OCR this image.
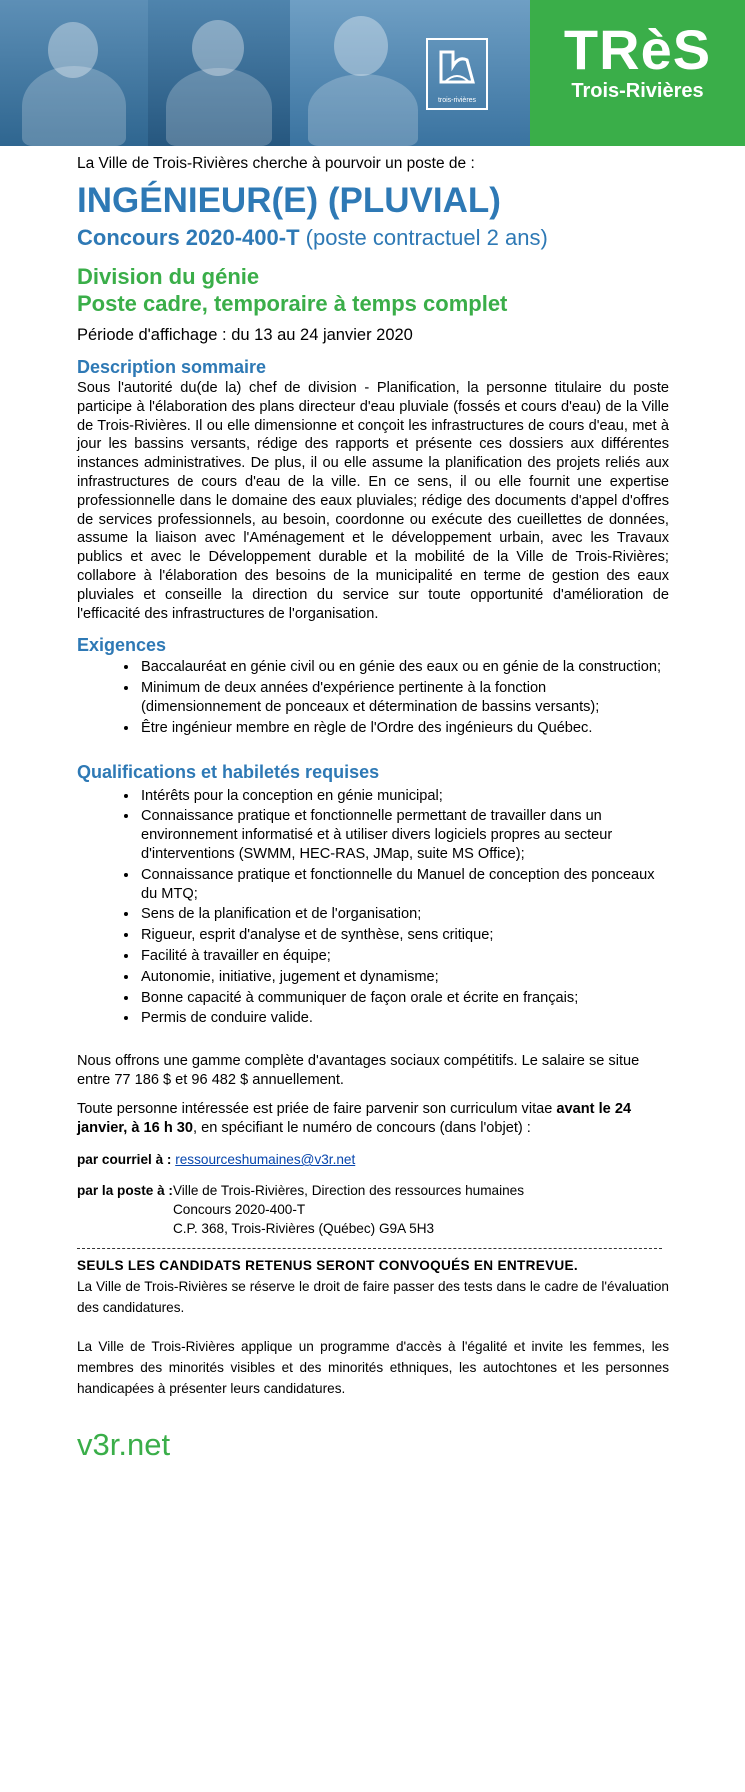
trois-rivières
TRèS
Trois-Rivières
La Ville de Trois-Rivières cherche à pourvoir un poste de :
INGÉNIEUR(E) (PLUVIAL)
Concours 2020-400-T (poste contractuel 2 ans)
Division du génie
Poste cadre, temporaire à temps complet
Période d'affichage : du 13 au 24 janvier 2020
Description sommaire

Sous l'autorité du(de la) chef de division - Planification, la personne titulaire du poste participe à l'élaboration des plans directeur d'eau pluviale (fossés et cours d'eau) de la Ville de Trois-Rivières. Il ou elle dimensionne et conçoit les infrastructures de cours d'eau, met à jour les bassins versants, rédige des rapports et présente ces dossiers aux différentes instances administratives. De plus, il ou elle assume la planification des projets reliés aux infrastructures de cours d'eau de la ville. En ce sens, il ou elle fournit une expertise professionnelle dans le domaine des eaux pluviales; rédige des documents d'appel d'offres de services professionnels, au besoin, coordonne ou exécute des cueillettes de données, assume la liaison avec l'Aménagement et le développement urbain, avec les Travaux publics et avec le Développement durable et la mobilité de la Ville de Trois-Rivières; collabore à l'élaboration des besoins de la municipalité en terme de gestion des eaux pluviales et conseille la direction du service sur toute opportunité d'amélioration de l'efficacité des infrastructures de l'organisation.

Exigences
• Baccalauréat en génie civil ou en génie des eaux ou en génie de la construction;
• Minimum de deux années d'expérience pertinente à la fonction (dimensionnement de ponceaux et détermination de bassins versants);
• Être ingénieur membre en règle de l'Ordre des ingénieurs du Québec.
Qualifications et habiletés requises
• Intérêts pour la conception en génie municipal;
• Connaissance pratique et fonctionnelle permettant de travailler dans un environnement informatisé et à utiliser divers logiciels propres au secteur d'interventions (SWMM, HEC-RAS, JMap, suite MS Office);
• Connaissance pratique et fonctionnelle du Manuel de conception des ponceaux du MTQ;
• Sens de la planification et de l'organisation;
• Rigueur, esprit d'analyse et de synthèse, sens critique;
• Facilité à travailler en équipe;
• Autonomie, initiative, jugement et dynamisme;
• Bonne capacité à communiquer de façon orale et écrite en français;
• Permis de conduire valide.
Nous offrons une gamme complète d'avantages sociaux compétitifs. Le salaire se situe entre 77 186 $ et 96 482 $ annuellement.
Toute personne intéressée est priée de faire parvenir son curriculum vitae avant le 24 janvier, à 16 h 30, en spécifiant le numéro de concours (dans l'objet) :
par courriel à : ressourceshumaines@v3r.net
par la poste à : Ville de Trois-Rivières, Direction des ressources humaines
Concours 2020-400-T
C.P. 368, Trois-Rivières (Québec) G9A 5H3
SEULS LES CANDIDATS RETENUS SERONT CONVOQUÉS EN ENTREVUE.
La Ville de Trois-Rivières se réserve le droit de faire passer des tests dans le cadre de l'évaluation des candidatures.
La Ville de Trois-Rivières applique un programme d'accès à l'égalité et invite les femmes, les membres des minorités visibles et des minorités ethniques, les autochtones et les personnes handicapées à présenter leurs candidatures.
v3r.net
